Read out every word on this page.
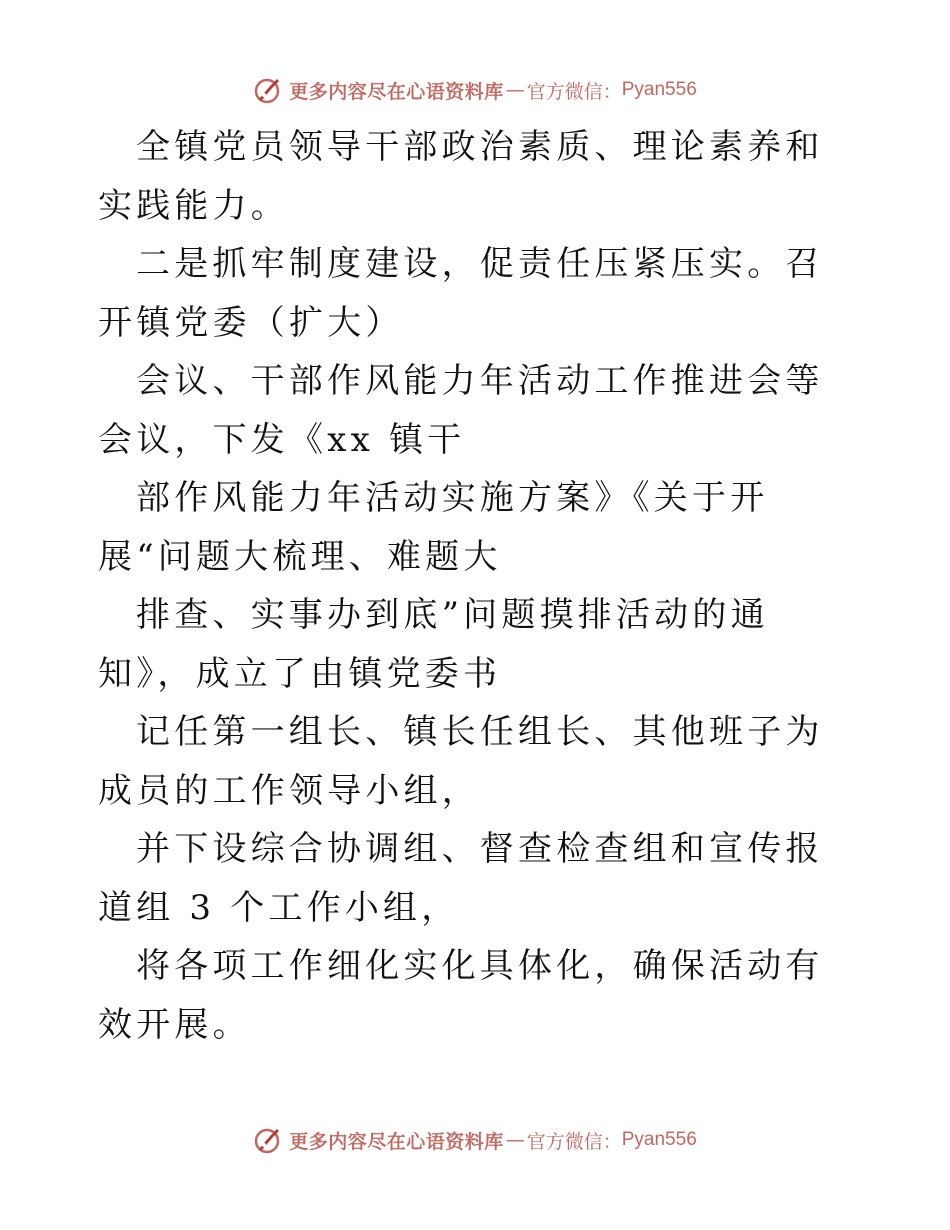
更多内容尽在心语资料库 — 官方微信： Pyan556

全镇党员领导干部政治素质、理论素养和实践能力。

二是抓牢制度建设，促责任压紧压实。召开镇党委（扩大）

会议、干部作风能力年活动工作推进会等会议，下发《xx 镇干

部作风能力年活动实施方案》《关于开展“问题大梳理、难题大

排查、实事办到底”问题摸排活动的通知》，成立了由镇党委书

记任第一组长、镇长任组长、其他班子为成员的工作领导小组，

并下设综合协调组、督查检查组和宣传报道组 3 个工作小组，

将各项工作细化实化具体化，确保活动有效开展。

更多内容尽在心语资料库 — 官方微信： Pyan556
